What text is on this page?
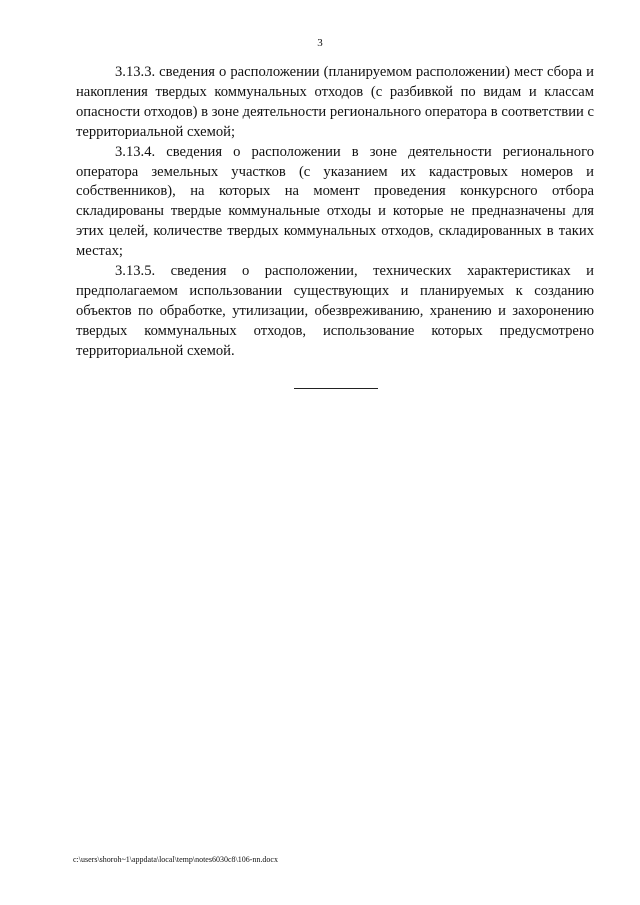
3

3.13.3. сведения о расположении (планируемом расположении) мест сбора и накопления твердых коммунальных отходов (с разбивкой по видам и классам опасности отходов) в зоне деятельности регионального оператора в соответствии с территориальной схемой;

3.13.4. сведения о расположении в зоне деятельности регионального оператора земельных участков (с указанием их кадастровых номеров и собственников), на которых на момент проведения конкурсного отбора складированы твердые коммунальные отходы и которые не предназначены для этих целей, количестве твердых коммунальных отходов, складированных в таких местах;

3.13.5. сведения о расположении, технических характеристиках и предполагаемом использовании существующих и планируемых к созданию объектов по обработке, утилизации, обезвреживанию, хранению и захоронению твердых коммунальных отходов, использование которых предусмотрено территориальной схемой.

c:\users\shoroh~1\appdata\local\temp\notes6030c8\106-nn.docx
